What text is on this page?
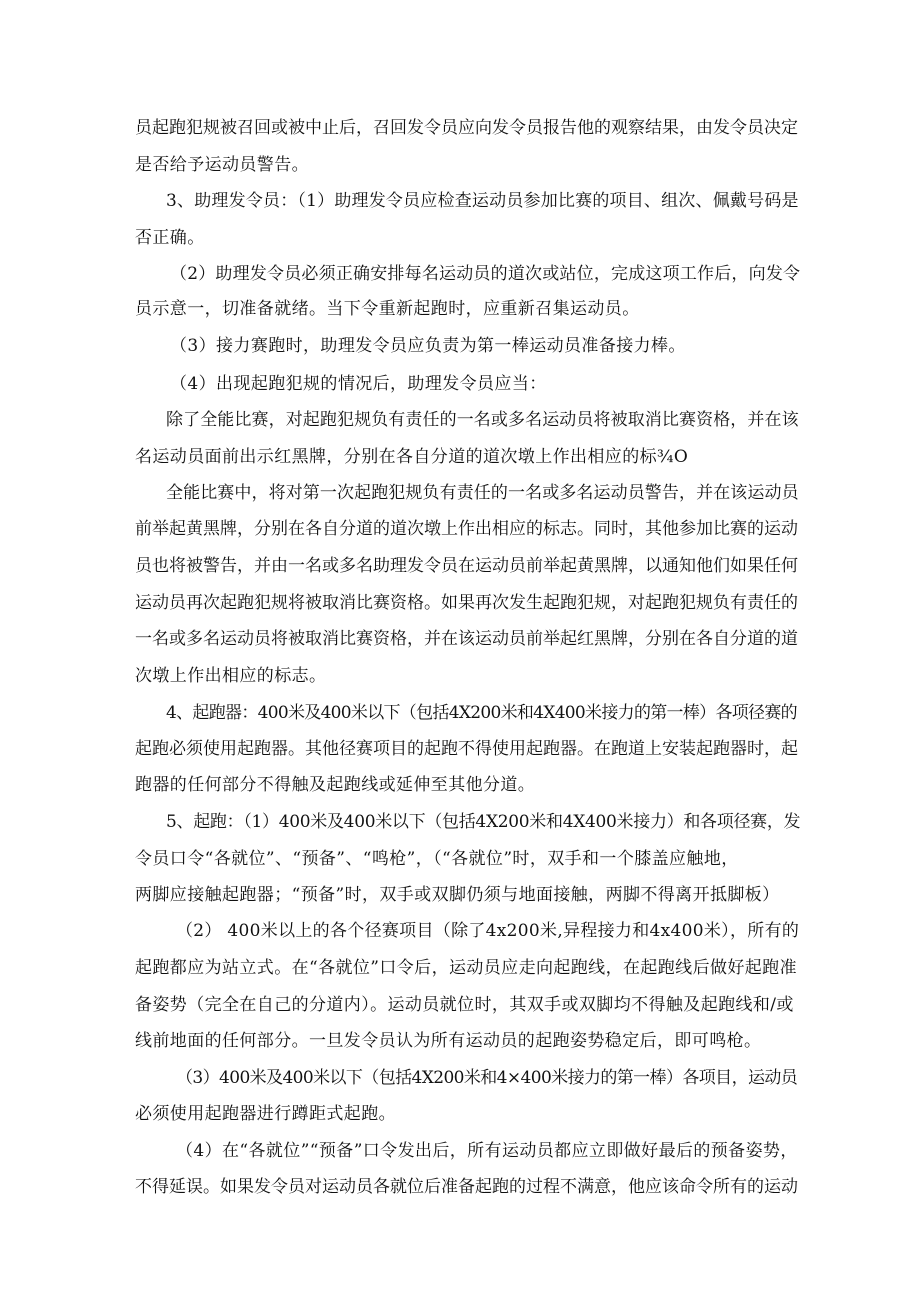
员起跑犯规被召回或被中止后，召回发令员应向发令员报告他的观察结果，由发令员决定
是否给予运动员警告。
3、助理发令员：（1）助理发令员应检查运动员参加比赛的项目、组次、佩戴号码是
否正确。
（2）助理发令员必须正确安排每名运动员的道次或站位，完成这项工作后，向发令
员示意一，切准备就绪。当下令重新起跑时，应重新召集运动员。
（3）接力赛跑时，助理发令员应负责为第一棒运动员准备接力棒。
（4）出现起跑犯规的情况后，助理发令员应当：
除了全能比赛，对起跑犯规负有责任的一名或多名运动员将被取消比赛资格，并在该
名运动员面前出示红黑牌，分别在各自分道的道次墩上作出相应的标¾O
全能比赛中，将对第一次起跑犯规负有责任的一名或多名运动员警告，并在该运动员
前举起黄黑牌，分别在各自分道的道次墩上作出相应的标志。同时，其他参加比赛的运动
员也将被警告，并由一名或多名助理发令员在运动员前举起黄黑牌，以通知他们如果任何
运动员再次起跑犯规将被取消比赛资格。如果再次发生起跑犯规，对起跑犯规负有责任的
一名或多名运动员将被取消比赛资格，并在该运动员前举起红黑牌，分别在各自分道的道
次墩上作出相应的标志。
4、起跑器：400米及400米以下（包括4X200米和4X400米接力的第一棒）各项径赛的
起跑必须使用起跑器。其他径赛项目的起跑不得使用起跑器。在跑道上安装起跑器时，起
跑器的任何部分不得触及起跑线或延伸至其他分道。
5、起跑：（1）400米及400米以下（包括4X200米和4X400米接力）和各项径赛，发
令员口令“各就位”、“预备”、“鸣枪”，（“各就位”时，双手和一个膝盖应触地，
两脚应接触起跑器；“预备”时，双手或双脚仍须与地面接触，两脚不得离开抵脚板）
（2） 400米以上的各个径赛项目（除了4x200米,异程接力和4x400米），所有的
起跑都应为站立式。在“各就位”口令后，运动员应走向起跑线，在起跑线后做好起跑准
备姿势（完全在自己的分道内）。运动员就位时，其双手或双脚均不得触及起跑线和/或
线前地面的任何部分。一旦发令员认为所有运动员的起跑姿势稳定后，即可鸣枪。
（3）400米及400米以下（包括4X200米和4×400米接力的第一棒）各项目，运动员
必须使用起跑器进行蹲距式起跑。
（4）在“各就位”“预备”口令发出后，所有运动员都应立即做好最后的预备姿势，
不得延误。如果发令员对运动员各就位后准备起跑的过程不满意，他应该命令所有的运动
